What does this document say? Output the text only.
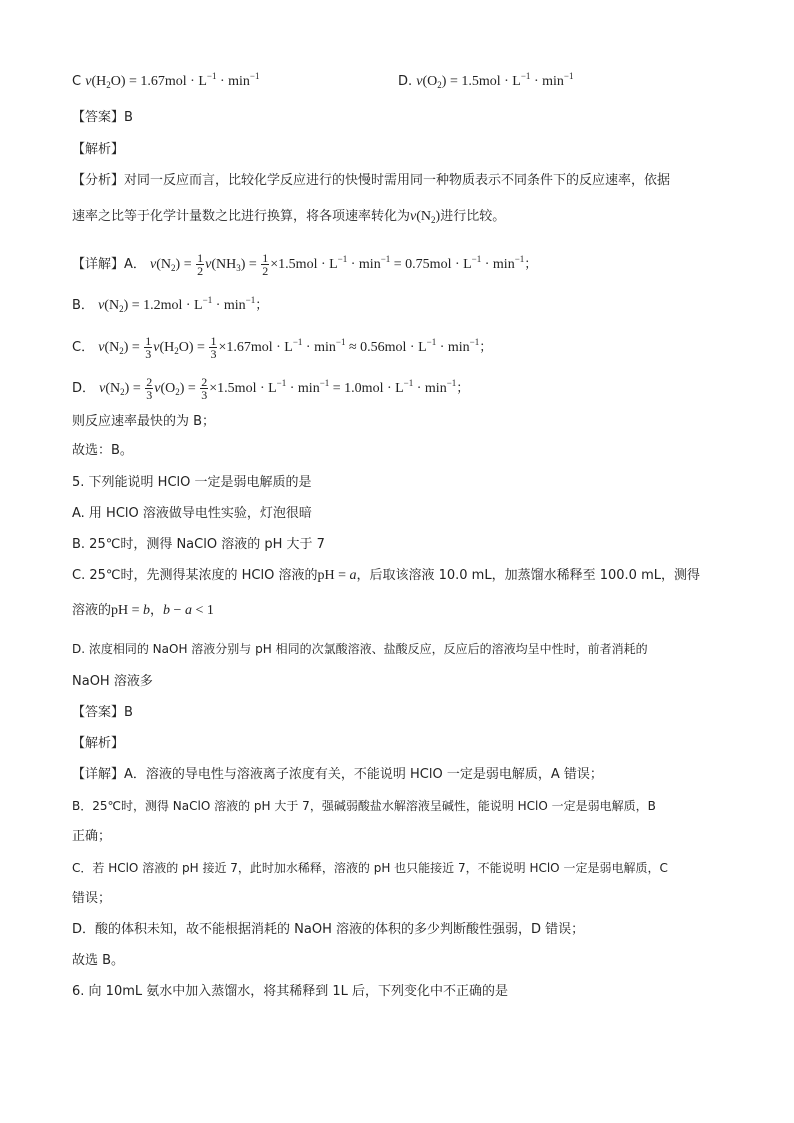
C $v(H_2O) = 1.67mol \cdot L^{-1} \cdot \min^{-1}$	D. $v(O_2) = 1.5mol \cdot L^{-1} \cdot \min^{-1}$
【答案】B
【解析】
【分析】对同一反应而言，比较化学反应进行的快慢时需用同一种物质表示不同条件下的反应速率，依据
速率之比等于化学计量数之比进行换算，将各项速率转化为$v(N_2)$进行比较。
【详解】A． $v(N_2) = \frac{1}{2} v(NH_3) = \frac{1}{2} \times 1.5mol \cdot L^{-1} \cdot \min^{-1} = 0.75mol \cdot L^{-1} \cdot \min^{-1}$；
B． $v(N_2) = 1.2mol \cdot L^{-1} \cdot \min^{-1}$；
C． $v(N_2) = \frac{1}{3} v(H_2O) = \frac{1}{3} \times 1.67mol \cdot L^{-1} \cdot \min^{-1} \approx 0.56mol \cdot L^{-1} \cdot \min^{-1}$；
D． $v(N_2) = \frac{2}{3} v(O_2) = \frac{2}{3} \times 1.5mol \cdot L^{-1} \cdot \min^{-1} = 1.0mol \cdot L^{-1} \cdot \min^{-1}$；
则反应速率最快的为 B；
故选：B。
5. 下列能说明 HClO 一定是弱电解质的是
A. 用 HClO 溶液做导电性实验，灯泡很暗
B. 25℃时，测得 NaClO 溶液的 pH 大于 7
C. 25℃时，先测得某浓度的 HClO 溶液的pH = a，后取该溶液 10.0 mL，加蒸馏水稀释至 100.0 mL，测得
溶液的pH = b，b − a < 1
D. 浓度相同的 NaOH 溶液分别与 pH 相同的次氯酸溶液、盐酸反应，反应后的溶液均呈中性时，前者消耗的
NaOH 溶液多
【答案】B
【解析】
【详解】A．溶液的导电性与溶液离子浓度有关，不能说明 HClO 一定是弱电解质，A 错误；
B．25℃时，测得 NaClO 溶液的 pH 大于 7，强碱弱酸盐水解溶液呈碱性，能说明 HClO 一定是弱电解质，B
正确；
C．若 HClO 溶液的 pH 接近 7，此时加水稀释，溶液的 pH 也只能接近 7，不能说明 HClO 一定是弱电解质，C
错误；
D．酸的体积未知，故不能根据消耗的 NaOH 溶液的体积的多少判断酸性强弱，D 错误；
故选 B。
6. 向 10mL 氨水中加入蒸馏水，将其稀释到 1L 后，下列变化中不正确的是
